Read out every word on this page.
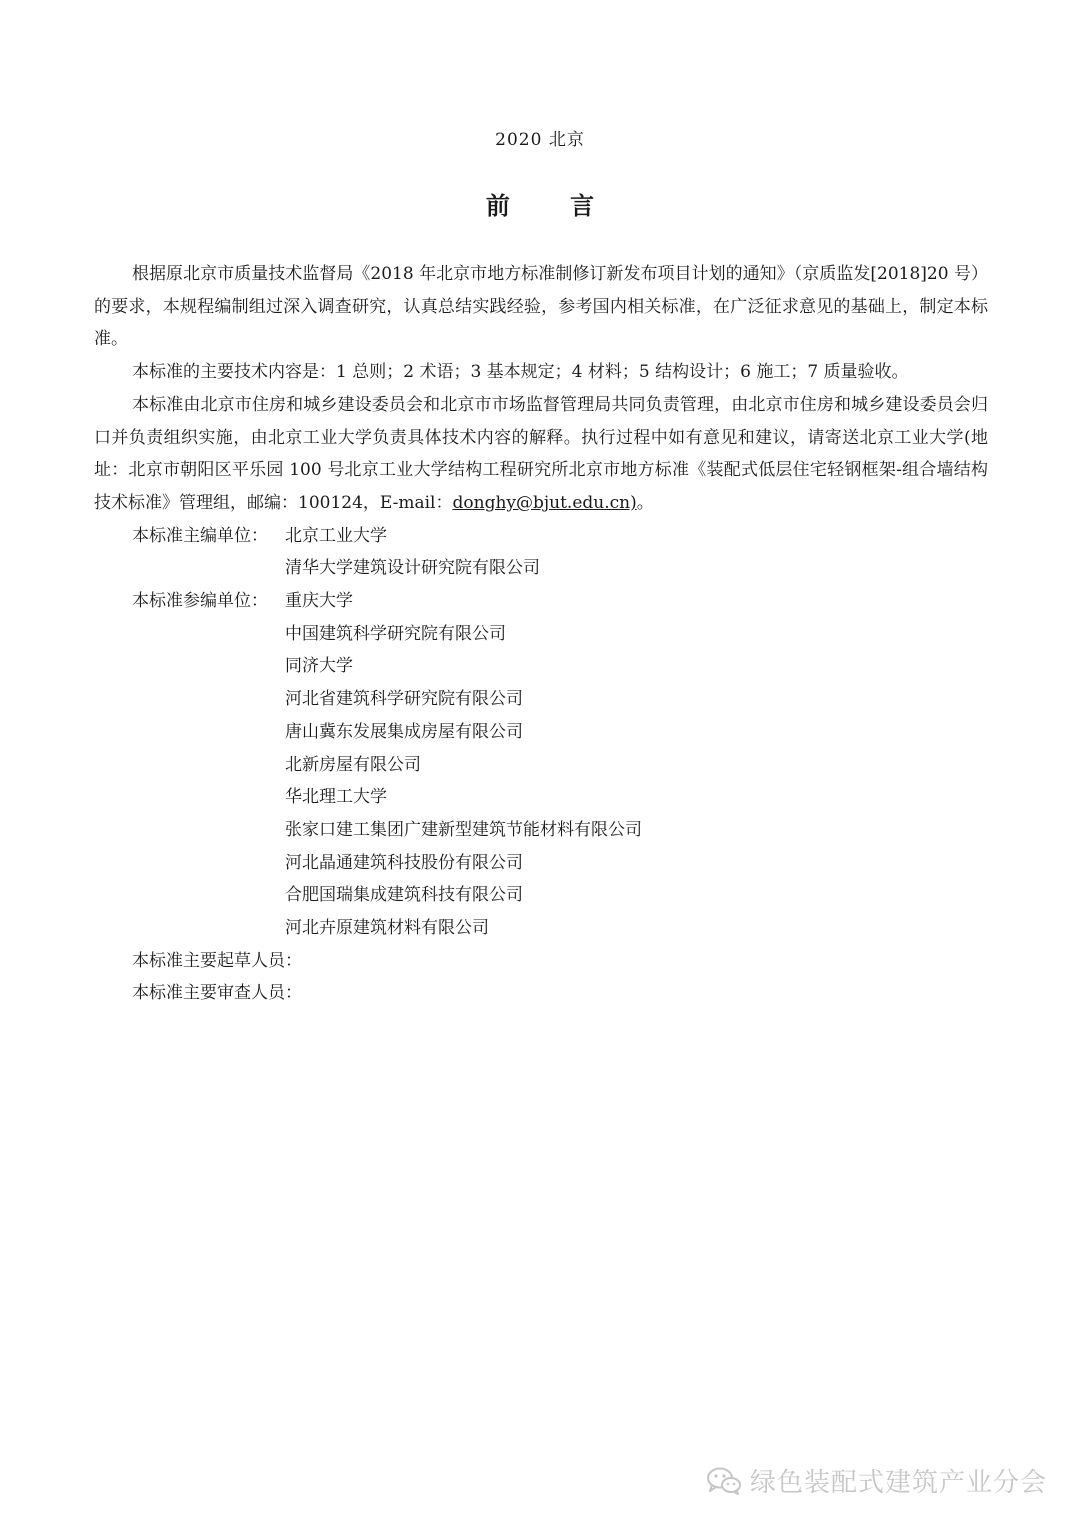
2020 北京
前 言

根据原北京市质量技术监督局《2018 年北京市地方标准制修订新发布项目计划的通知》（京质监发[2018]20 号）的要求，本规程编制组过深入调查研究，认真总结实践经验，参考国内相关标准，在广泛征求意见的基础上，制定本标准。

本标准的主要技术内容是：1 总则；2 术语；3 基本规定；4 材料；5 结构设计；6 施工；7 质量验收。

本标准由北京市住房和城乡建设委员会和北京市市场监督管理局共同负责管理，由北京市住房和城乡建设委员会归口并负责组织实施，由北京工业大学负责具体技术内容的解释。执行过程中如有意见和建议，请寄送北京工业大学(地址：北京市朝阳区平乐园 100 号北京工业大学结构工程研究所北京市地方标准《装配式低层住宅轻钢框架-组合墙结构技术标准》管理组，邮编：100124，E-mail：donghy@bjut.edu.cn)。

本标准主编单位：	北京工业大学
清华大学建筑设计研究院有限公司
本标准参编单位：	重庆大学
中国建筑科学研究院有限公司
同济大学
河北省建筑科学研究院有限公司
唐山冀东发展集成房屋有限公司
北新房屋有限公司
华北理工大学
张家口建工集团广建新型建筑节能材料有限公司
河北晶通建筑科技股份有限公司
合肥国瑞集成建筑科技有限公司
河北卉原建筑材料有限公司

本标准主要起草人员：

本标准主要审查人员：

绿色装配式建筑产业分会
